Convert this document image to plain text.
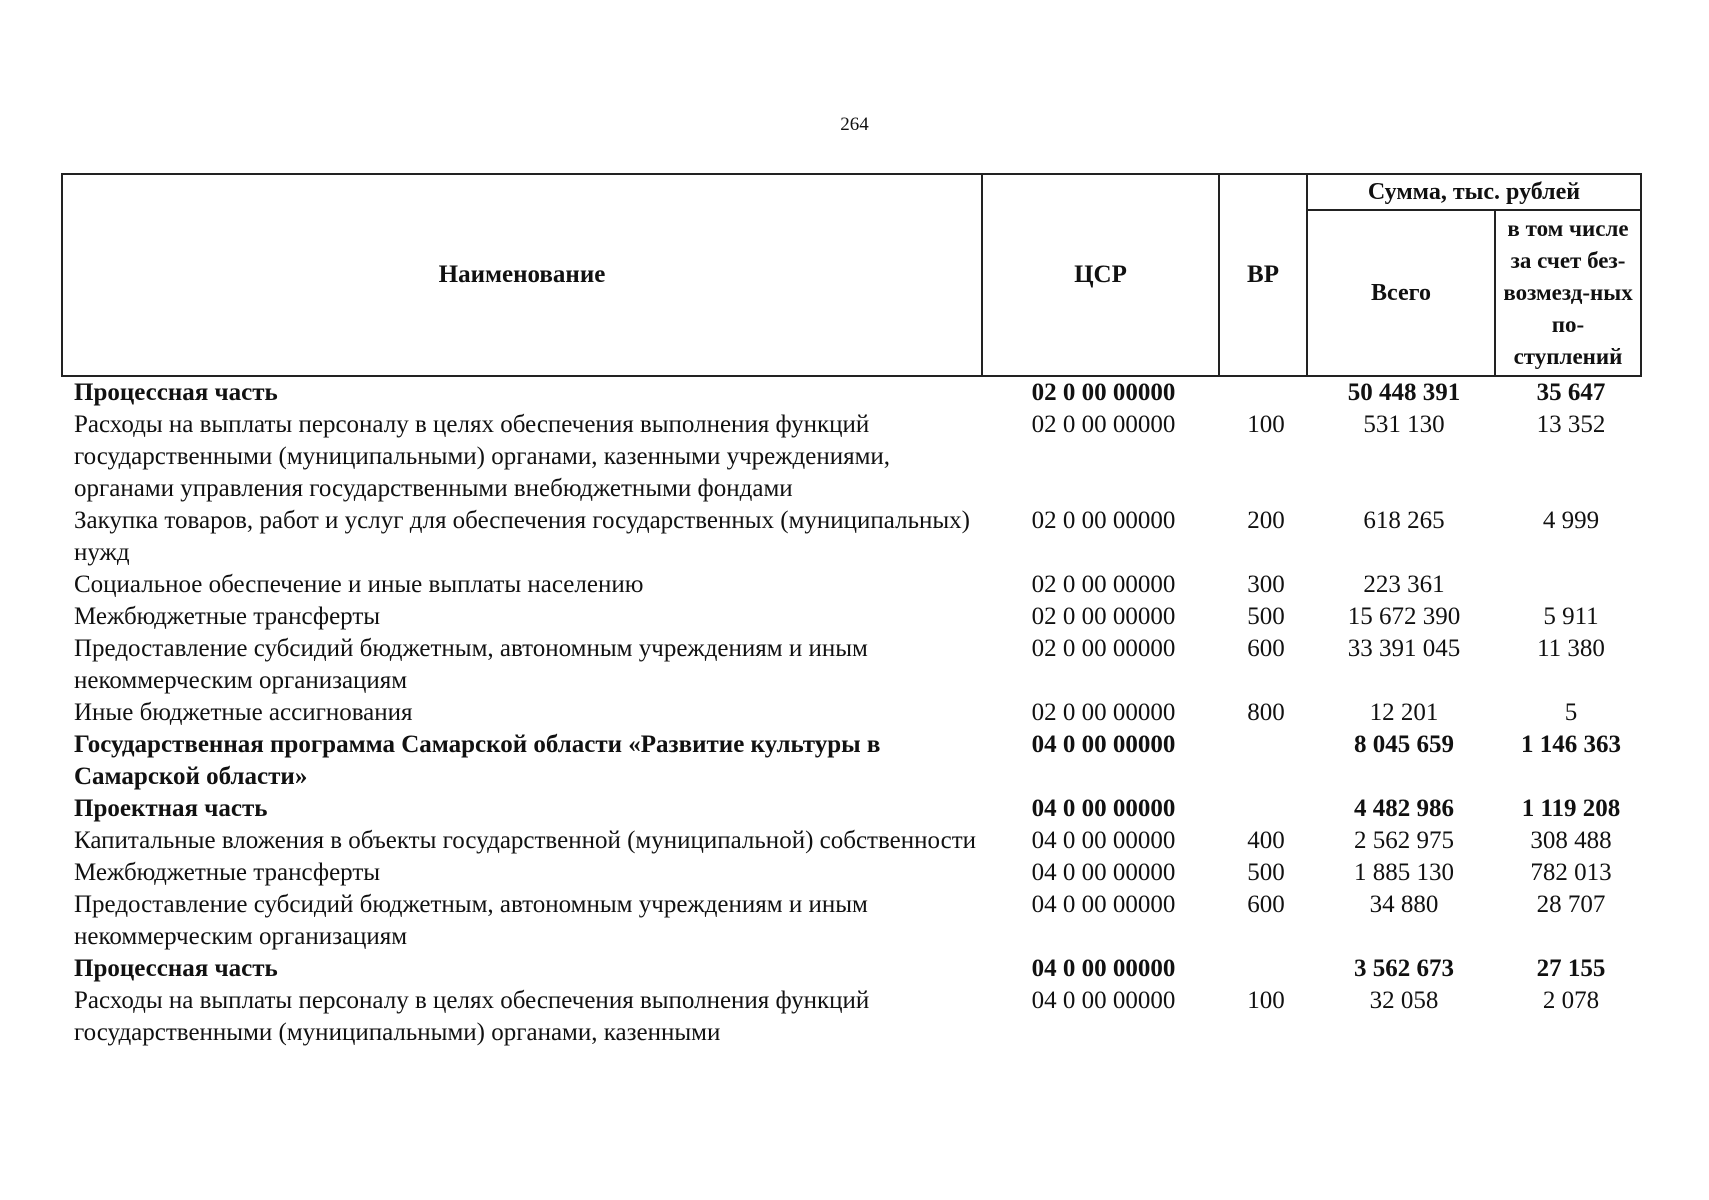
264
Наименование	ЦСР	ВР	Сумма, тыс. рублей	
			Всего	в том числе за счет без-возмезд-ных по-ступлений
Процессная часть	02 0 00 00000		50 448 391	35 647
Расходы на выплаты персоналу в целях обеспечения выполнения функций государственными (муниципальными) органами, казенными учреждениями, органами управления государственными внебюджетными фондами	02 0 00 00000	100	531 130	13 352
Закупка товаров, работ и услуг для обеспечения государственных (муниципальных) нужд	02 0 00 00000	200	618 265	4 999
Социальное обеспечение и иные выплаты населению	02 0 00 00000	300	223 361	
Межбюджетные трансферты	02 0 00 00000	500	15 672 390	5 911
Предоставление субсидий бюджетным, автономным учреждениям и иным некоммерческим организациям	02 0 00 00000	600	33 391 045	11 380
Иные бюджетные ассигнования	02 0 00 00000	800	12 201	5
Государственная программа Самарской области «Развитие культуры в Самарской области»	04 0 00 00000		8 045 659	1 146 363
Проектная часть	04 0 00 00000		4 482 986	1 119 208
Капитальные вложения в объекты государственной (муниципальной) собственности	04 0 00 00000	400	2 562 975	308 488
Межбюджетные трансферты	04 0 00 00000	500	1 885 130	782 013
Предоставление субсидий бюджетным, автономным учреждениям и иным некоммерческим организациям	04 0 00 00000	600	34 880	28 707
Процессная часть	04 0 00 00000		3 562 673	27 155
Расходы на выплаты персоналу в целях обеспечения выполнения функций государственными (муниципальными) органами, казенными	04 0 00 00000	100	32 058	2 078
